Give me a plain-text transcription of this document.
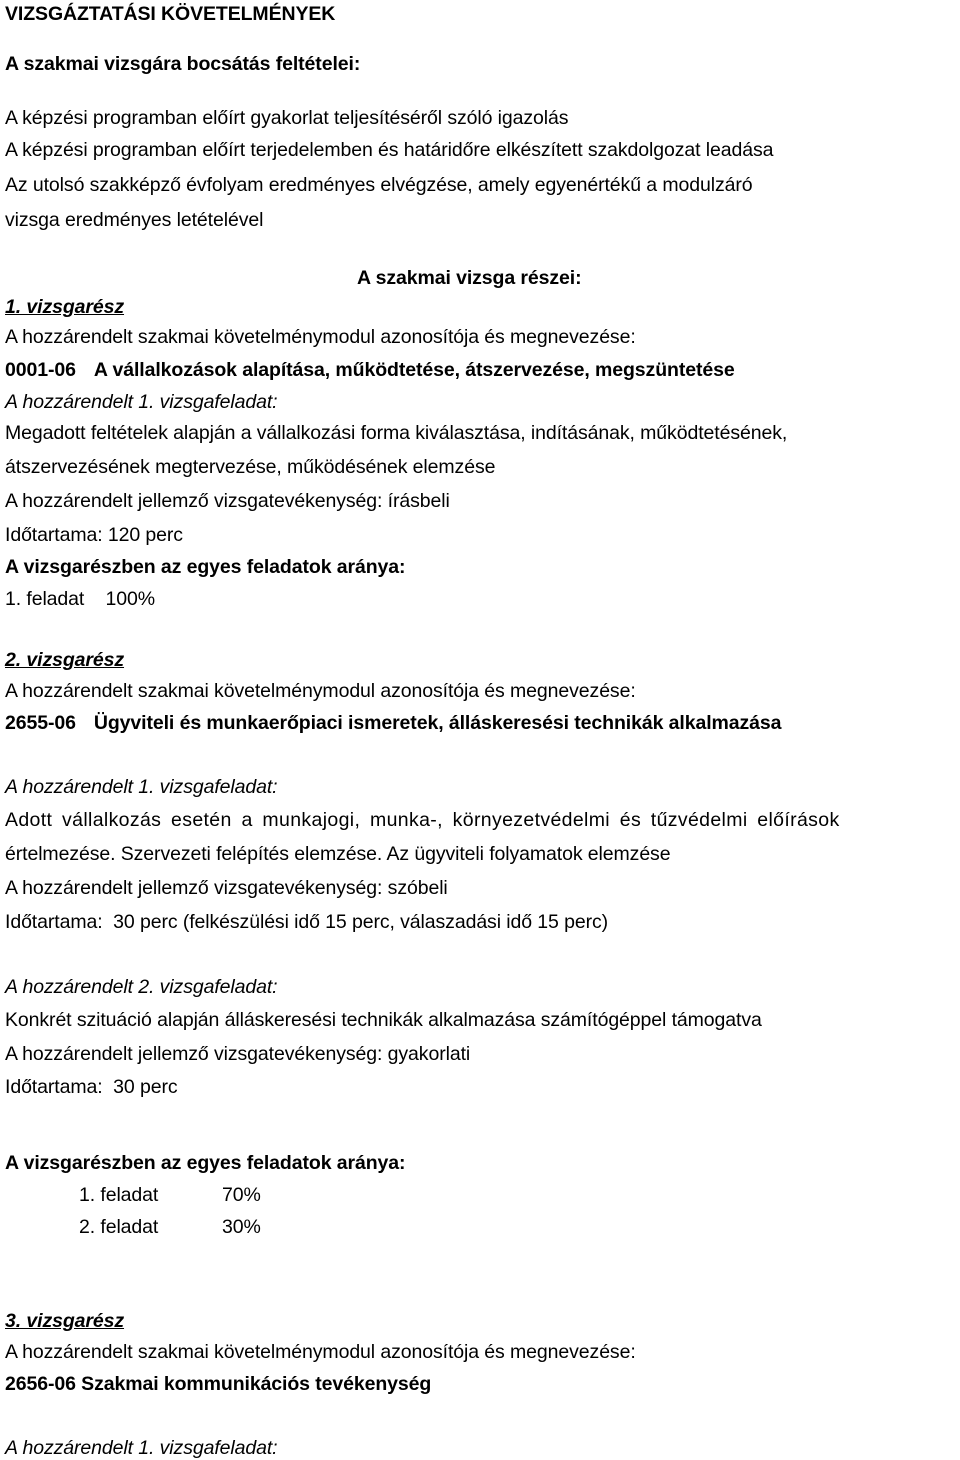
VIZSGÁZTATÁSI KÖVETELMÉNYEK
A szakmai vizsgára bocsátás feltételei:
A képzési programban előírt gyakorlat teljesítéséről szóló igazolás
A képzési programban előírt terjedelemben és határidőre elkészített szakdolgozat leadása
Az utolsó szakképző évfolyam eredményes elvégzése, amely egyenértékű a modulzáró
vizsga eredményes letételével
A szakmai vizsga részei:
1. vizsgarész
A hozzárendelt szakmai követelménymodul azonosítója és megnevezése:
0001-06 A vállalkozások alapítása, működtetése, átszervezése, megszüntetése
A hozzárendelt 1. vizsgafeladat:
Megadott feltételek alapján a vállalkozási forma kiválasztása, indításának, működtetésének,
átszervezésének megtervezése, működésének elemzése
A hozzárendelt jellemző vizsgatevékenység: írásbeli
Időtartama: 120 perc
A vizsgarészben az egyes feladatok aránya:
1. feladat    100%
2. vizsgarész
A hozzárendelt szakmai követelménymodul azonosítója és megnevezése:
2655-06 Ügyviteli és munkaerőpiaci ismeretek, álláskeresési technikák alkalmazása
A hozzárendelt 1. vizsgafeladat:
Adott vállalkozás esetén a munkajogi, munka-, környezetvédelmi és tűzvédelmi előírások
értelmezése. Szervezeti felépítés elemzése. Az ügyviteli folyamatok elemzése
A hozzárendelt jellemző vizsgatevékenység: szóbeli
Időtartama:  30 perc (felkészülési idő 15 perc, válaszadási idő 15 perc)
A hozzárendelt 2. vizsgafeladat:
Konkrét szituáció alapján álláskeresési technikák alkalmazása számítógéppel támogatva
A hozzárendelt jellemző vizsgatevékenység: gyakorlati
Időtartama:  30 perc
A vizsgarészben az egyes feladatok aránya:
1. feladat	70%
2. feladat	30%
3. vizsgarész
A hozzárendelt szakmai követelménymodul azonosítója és megnevezése:
2656-06 Szakmai kommunikációs tevékenység
A hozzárendelt 1. vizsgafeladat:
